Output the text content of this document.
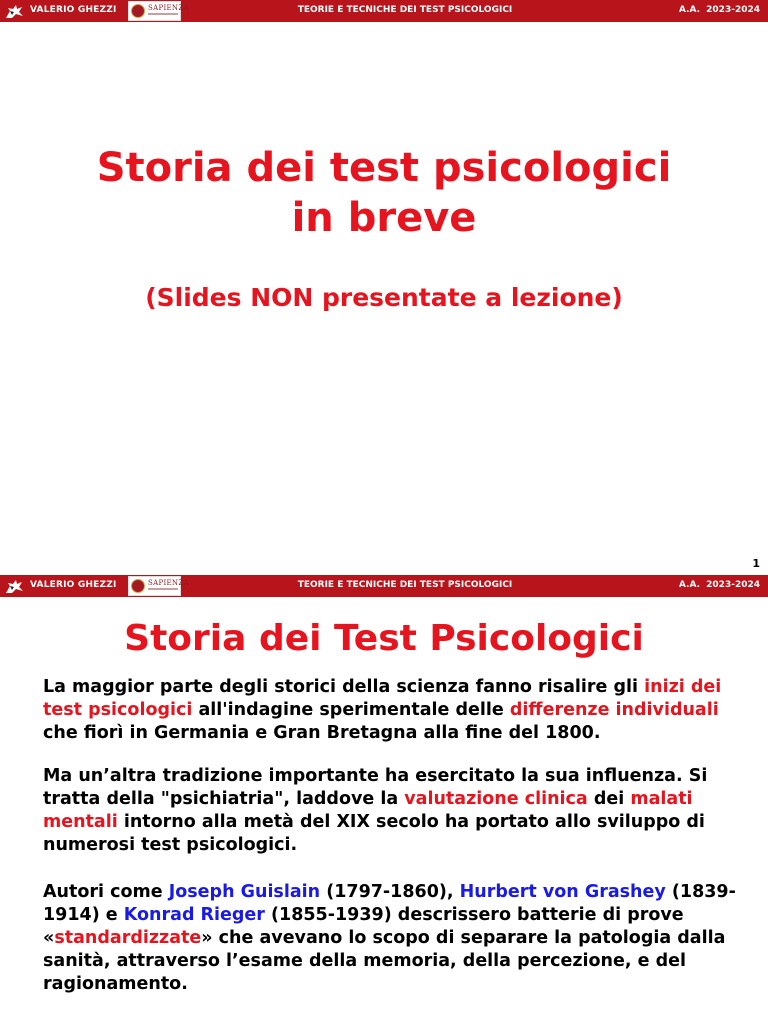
VALERIO GHEZZI	SAPIENZA	TEORIE E TECNICHE DEI TEST PSICOLOGICI	A.A. 2023-2024
Storia dei test psicologici
in breve
(Slides NON presentate a lezione)
1
VALERIO GHEZZI	SAPIENZA	TEORIE E TECNICHE DEI TEST PSICOLOGICI	A.A. 2023-2024
Storia dei Test Psicologici
La maggior parte degli storici della scienza fanno risalire gli inizi dei test psicologici all'indagine sperimentale delle differenze individuali che fiorì in Germania e Gran Bretagna alla fine del 1800.
Ma un’altra tradizione importante ha esercitato la sua influenza. Si tratta della "psichiatria", laddove la valutazione clinica dei malati mentali intorno alla metà del XIX secolo ha portato allo sviluppo di numerosi test psicologici.
Autori come Joseph Guislain (1797-1860), Hurbert von Grashey (1839-1914) e Konrad Rieger (1855-1939) descrissero batterie di prove «standardizzate» che avevano lo scopo di separare la patologia dalla sanità, attraverso l’esame della memoria, della percezione, e del ragionamento.
